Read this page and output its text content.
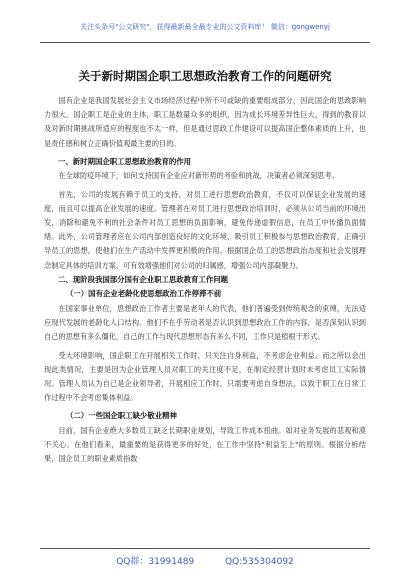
关注头条号"公文研究"，获得最新最全最专业的公文资料库！ 微信：gongwenyj
关于新时期国企职工思想政治教育工作的问题研究

国有企业是我国发展社会主义市场经济过程中所不可或缺的重要组成部分，因此国企的思政影响力很大。国企职工是企业的主体，职工是数量众多的组织，因为成长环境差异性巨大，得到的教育以及对新时期挑战所适应的程度也不太一样，但是通过思政工作建设可以提高国企整体素质的上升，也是责任感和树立正确价值观最主要的目的。

一、新时期国企职工思想政治教育的作用

在全球防疫环境下，如何支持国有企业应对新形势的考验和挑战，决策者必须深刻思考。

首先，公司的发展有赖于员工的支持，对员工进行思想政治教育，不仅可以保证企业发展的速度，而且可以提高企业发展的速度。管理者在对员工进行思想政治培训时，必须从公司当前的环境出发，消除和避免不利的社会条件对员工思想的负面影响，避免传递虚假信息，在员工中传播负面情绪。此外，公司管理者应在公司内部创造良好的文化环境，吸引员工积极参与思想政治教育，正确引导员工的思想，使他们在生产活动中发挥更积极的作用。根据国企员工的思想政治态度和社会发展理念制定具体的培训方案，可有效增强他们对公司的归属感，增强公司内部凝聚力。

二、现阶段我国部分国有企业职工思政教育工作问题
（一）国有企业老龄化使思想政治工作停滞不前

在国家事业单位，思想政治工作者主要是老年人的代表，他们普遍受到传统观念的束缚，无法适应现代发展的老龄化人口结构。他们不在乎劳动者是否认识到思想政治工作的内容，是否深刻认识到自己的思想有多么僵化，自己的工作与现代思想形态有多么不同，工作只是植根于形式。

受大环境影响，国企职工在开展相关工作时，只关注自身利益，不考虑企业利益。而之所以会出现此类情况，主要是因为企业管理人员对职工的关注度不足，在制定经营计划时未考虑员工实际情况。管理人员认为自己是企业领导者，开展相应工作时，只需要考虑自身想法，以致于职工在日常工作过程中不会考虑集体利益。

（二）一些国企职工缺少敬业精神

目前，国有企业绝大多数员工缺乏长期职业规划，导致工作成本扭曲。如对业务发展的悲观和漠不关心。在他们看来，最重要的是获得更多的好处，在工作中坚持"利益至上"的原则。根据分析结果，国企员工的职业素质指数

QQ群：31991489	QQ:535304092
